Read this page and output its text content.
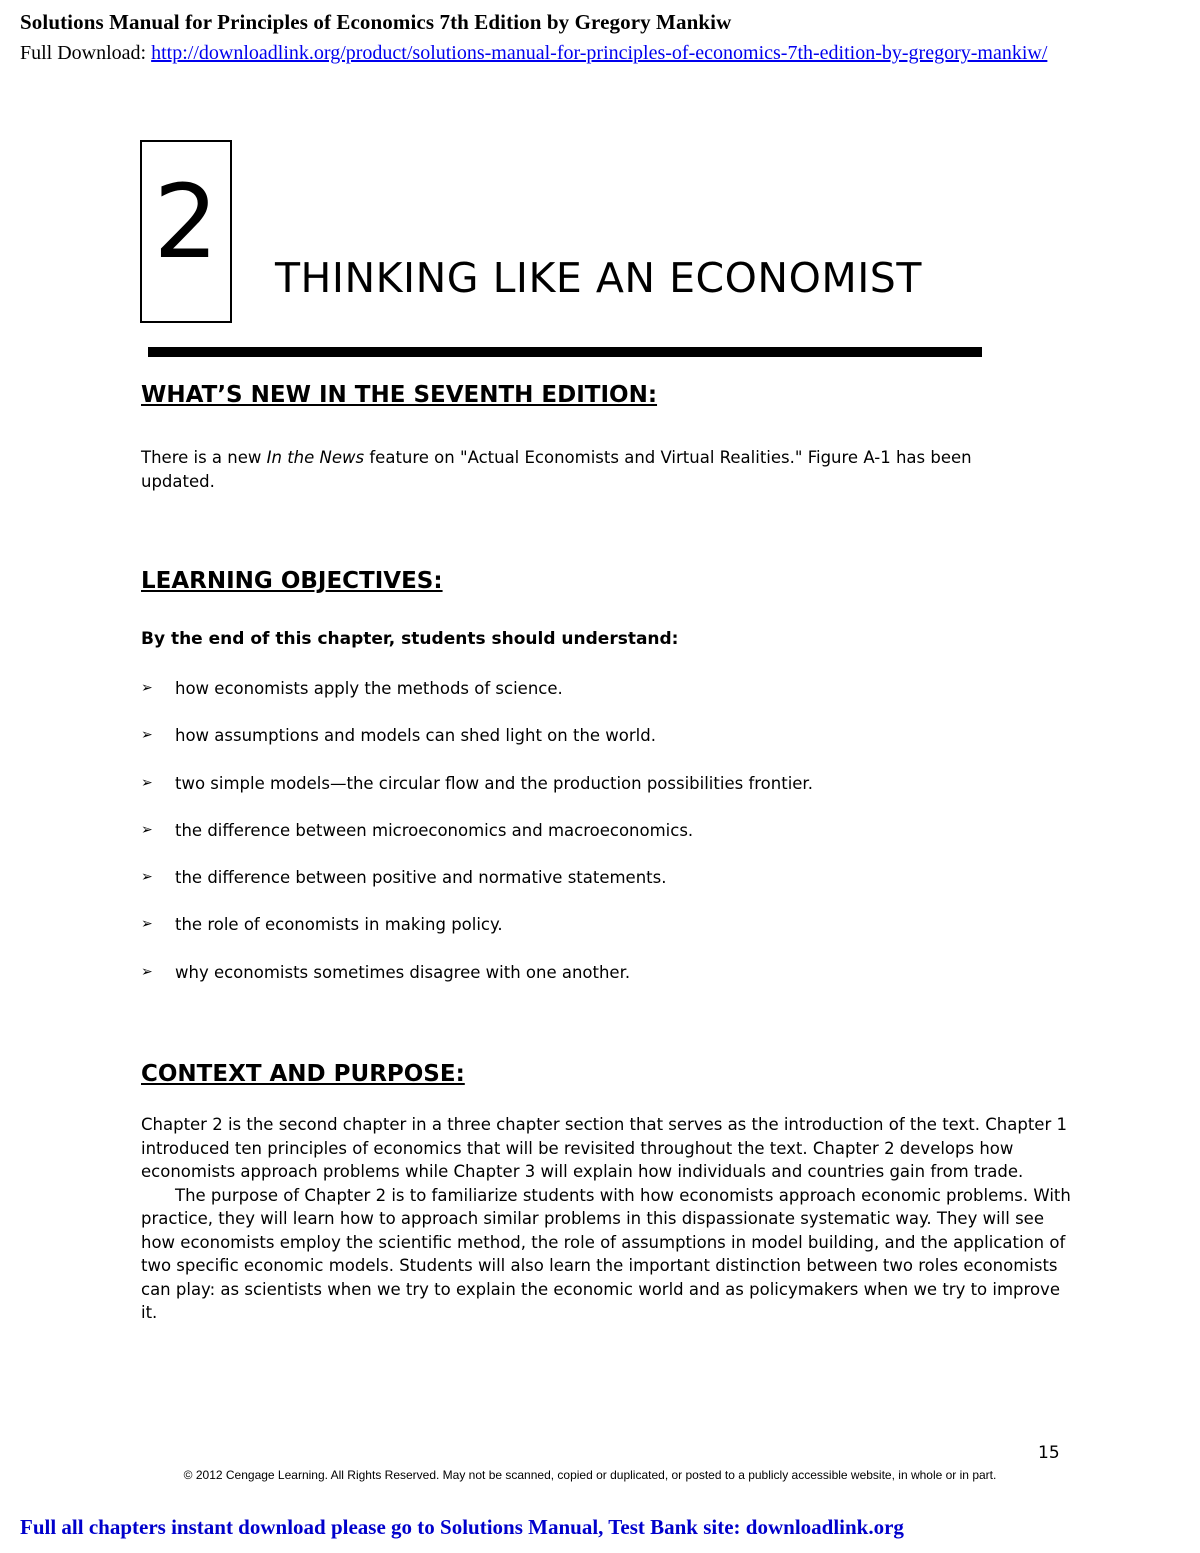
Solutions Manual for Principles of Economics 7th Edition by Gregory Mankiw
Full Download: http://downloadlink.org/product/solutions-manual-for-principles-of-economics-7th-edition-by-gregory-mankiw/
2 THINKING LIKE AN ECONOMIST
WHAT’S NEW IN THE SEVENTH EDITION:
There is a new In the News feature on "Actual Economists and Virtual Realities." Figure A-1 has been updated.
LEARNING OBJECTIVES:
By the end of this chapter, students should understand:
➢ how economists apply the methods of science.
➢ how assumptions and models can shed light on the world.
➢ two simple models—the circular flow and the production possibilities frontier.
➢ the difference between microeconomics and macroeconomics.
➢ the difference between positive and normative statements.
➢ the role of economists in making policy.
➢ why economists sometimes disagree with one another.
CONTEXT AND PURPOSE:
Chapter 2 is the second chapter in a three chapter section that serves as the introduction of the text. Chapter 1 introduced ten principles of economics that will be revisited throughout the text. Chapter 2 develops how economists approach problems while Chapter 3 will explain how individuals and countries gain from trade.
The purpose of Chapter 2 is to familiarize students with how economists approach economic problems. With practice, they will learn how to approach similar problems in this dispassionate systematic way. They will see how economists employ the scientific method, the role of assumptions in model building, and the application of two specific economic models. Students will also learn the important distinction between two roles economists can play: as scientists when we try to explain the economic world and as policymakers when we try to improve it.
15
© 2012 Cengage Learning. All Rights Reserved. May not be scanned, copied or duplicated, or posted to a publicly accessible website, in whole or in part.
Full all chapters instant download please go to Solutions Manual, Test Bank site: downloadlink.org
